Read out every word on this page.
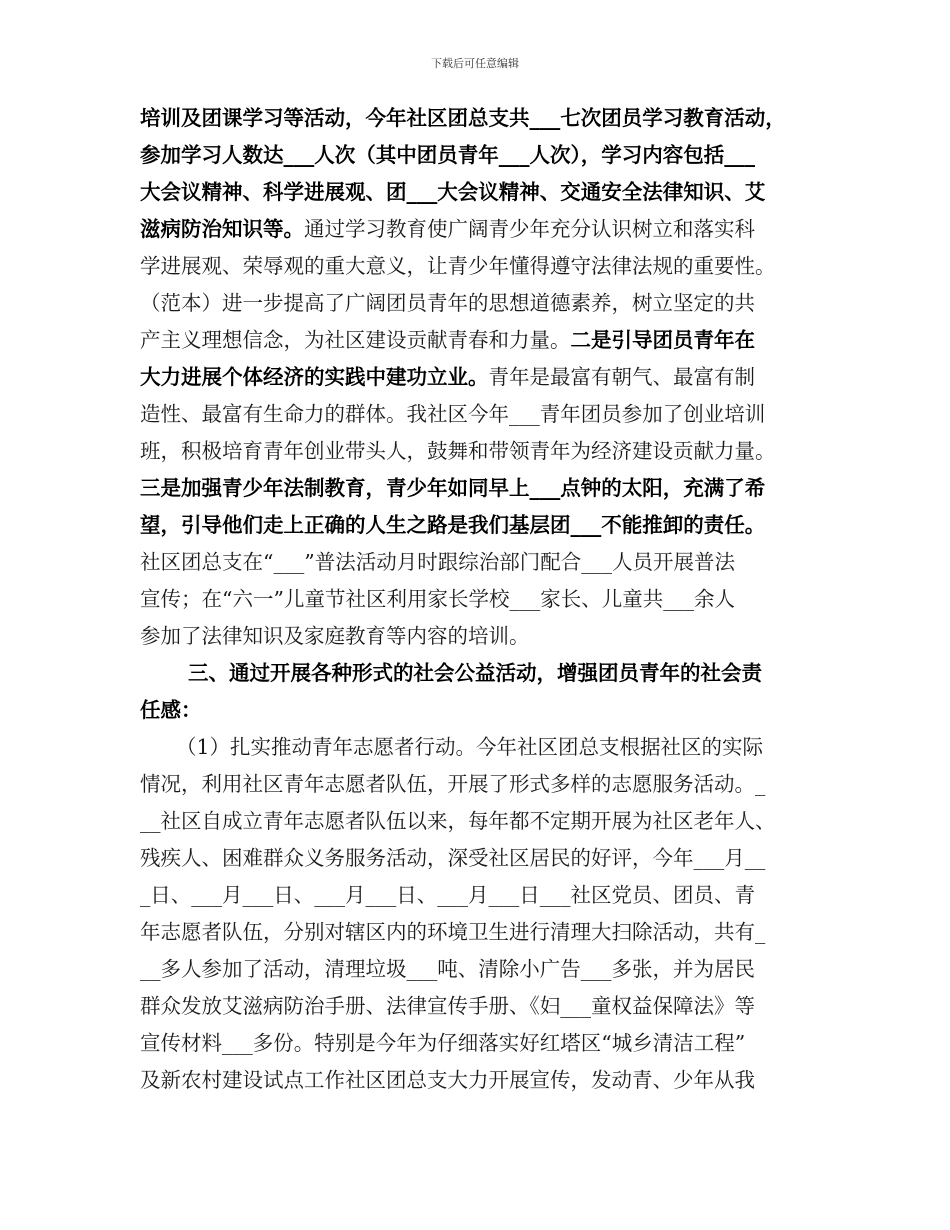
下载后可任意编辑
培训及团课学习等活动，今年社区团总支共___七次团员学习教育活动，
参加学习人数达___人次（其中团员青年___人次），学习内容包括___
大会议精神、科学进展观、团___大会议精神、交通安全法律知识、艾
滋病防治知识等。通过学习教育使广阔青少年充分认识树立和落实科
学进展观、荣辱观的重大意义，让青少年懂得遵守法律法规的重要性。
（范本）进一步提高了广阔团员青年的思想道德素养，树立坚定的共
产主义理想信念，为社区建设贡献青春和力量。二是引导团员青年在
大力进展个体经济的实践中建功立业。青年是最富有朝气、最富有制
造性、最富有生命力的群体。我社区今年___青年团员参加了创业培训
班，积极培育青年创业带头人，鼓舞和带领青年为经济建设贡献力量。
三是加强青少年法制教育，青少年如同早上___点钟的太阳，充满了希
望，引导他们走上正确的人生之路是我们基层团___不能推卸的责任。
社区团总支在“___”普法活动月时跟综治部门配合___人员开展普法
宣传；在“六一”儿童节社区利用家长学校___家长、儿童共___余人
参加了法律知识及家庭教育等内容的培训。
三、通过开展各种形式的社会公益活动，增强团员青年的社会责
任感：
（1）扎实推动青年志愿者行动。今年社区团总支根据社区的实际
情况，利用社区青年志愿者队伍，开展了形式多样的志愿服务活动。_
__社区自成立青年志愿者队伍以来，每年都不定期开展为社区老年人、
残疾人、困难群众义务服务活动，深受社区居民的好评，今年___月__
_日、___月___日、___月___日、___月___日___社区党员、团员、青
年志愿者队伍，分别对辖区内的环境卫生进行清理大扫除活动，共有_
__多人参加了活动，清理垃圾___吨、清除小广告___多张，并为居民
群众发放艾滋病防治手册、法律宣传手册、《妇___童权益保障法》等
宣传材料___多份。特别是今年为仔细落实好红塔区“城乡清洁工程”
及新农村建设试点工作社区团总支大力开展宣传，发动青、少年从我
